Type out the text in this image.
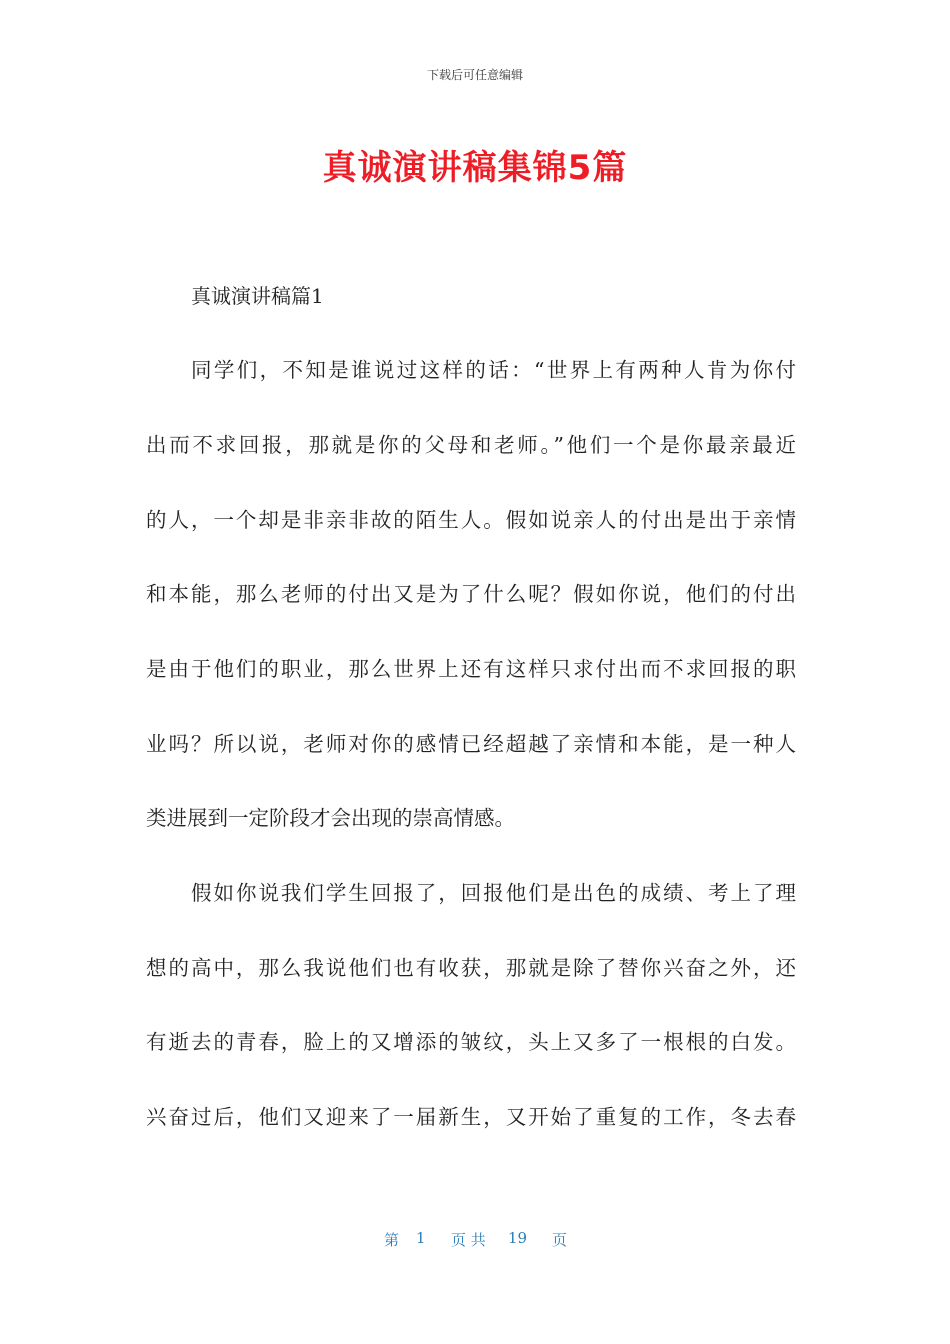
下载后可任意编辑
真诚演讲稿集锦5篇
真诚演讲稿篇1
同学们，不知是谁说过这样的话：“世界上有两种人肯为你付
出而不求回报，那就是你的父母和老师。”他们一个是你最亲最近
的人，一个却是非亲非故的陌生人。假如说亲人的付出是出于亲情
和本能，那么老师的付出又是为了什么呢？假如你说，他们的付出
是由于他们的职业，那么世界上还有这样只求付出而不求回报的职
业吗？所以说，老师对你的感情已经超越了亲情和本能，是一种人
类进展到一定阶段才会出现的崇高情感。
假如你说我们学生回报了，回报他们是出色的成绩、考上了理
想的高中，那么我说他们也有收获，那就是除了替你兴奋之外，还
有逝去的青春，脸上的又增添的皱纹，头上又多了一根根的白发。
兴奋过后，他们又迎来了一届新生，又开始了重复的工作，冬去春
第 1 页 共 19 页
